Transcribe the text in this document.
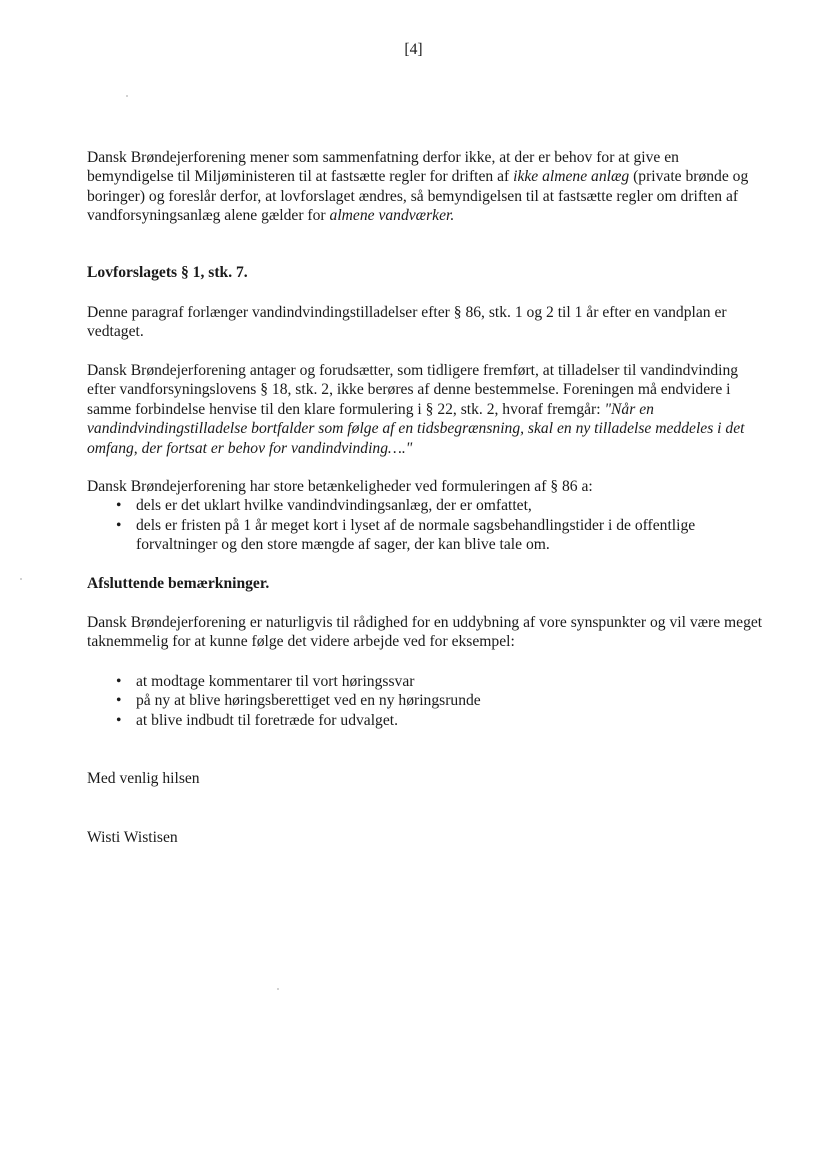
[4]

Dansk Brøndejerforening mener som sammenfatning derfor ikke, at der er behov for at give en bemyndigelse til Miljøministeren til at fastsætte regler for driften af ikke almene anlæg (private brønde og boringer) og foreslår derfor, at lovforslaget ændres, så bemyndigelsen til at fastsætte regler om driften af vandforsyningsanlæg alene gælder for almene vandværker.

Lovforslagets § 1, stk. 7.

Denne paragraf forlænger vandindvindingstilladelser efter § 86, stk. 1 og 2 til 1 år efter en vandplan er vedtaget.

Dansk Brøndejerforening antager og forudsætter, som tidligere fremført, at tilladelser til vandindvinding efter vandforsyningslovens § 18, stk. 2, ikke berøres af denne bestemmelse. Foreningen må endvidere i samme forbindelse henvise til den klare formulering i § 22, stk. 2, hvoraf fremgår: "Når en vandindvindingstilladelse bortfalder som følge af en tidsbegrænsning, skal en ny tilladelse meddeles i det omfang, der fortsat er behov for vandindvinding…."

Dansk Brøndejerforening har store betænkeligheder ved formuleringen af § 86 a:

• dels er det uklart hvilke vandindvindingsanlæg, der er omfattet,
• dels er fristen på 1 år meget kort i lyset af de normale sagsbehandlingstider i de offentlige forvaltninger og den store mængde af sager, der kan blive tale om.
Afsluttende bemærkninger.

Dansk Brøndejerforening er naturligvis til rådighed for en uddybning af vore synspunkter og vil være meget taknemmelig for at kunne følge det videre arbejde ved for eksempel:

• at modtage kommentarer til vort høringssvar
• på ny at blive høringsberettiget ved en ny høringsrunde
• at blive indbudt til foretræde for udvalget.
Med venlig hilsen
Wisti Wistisen
